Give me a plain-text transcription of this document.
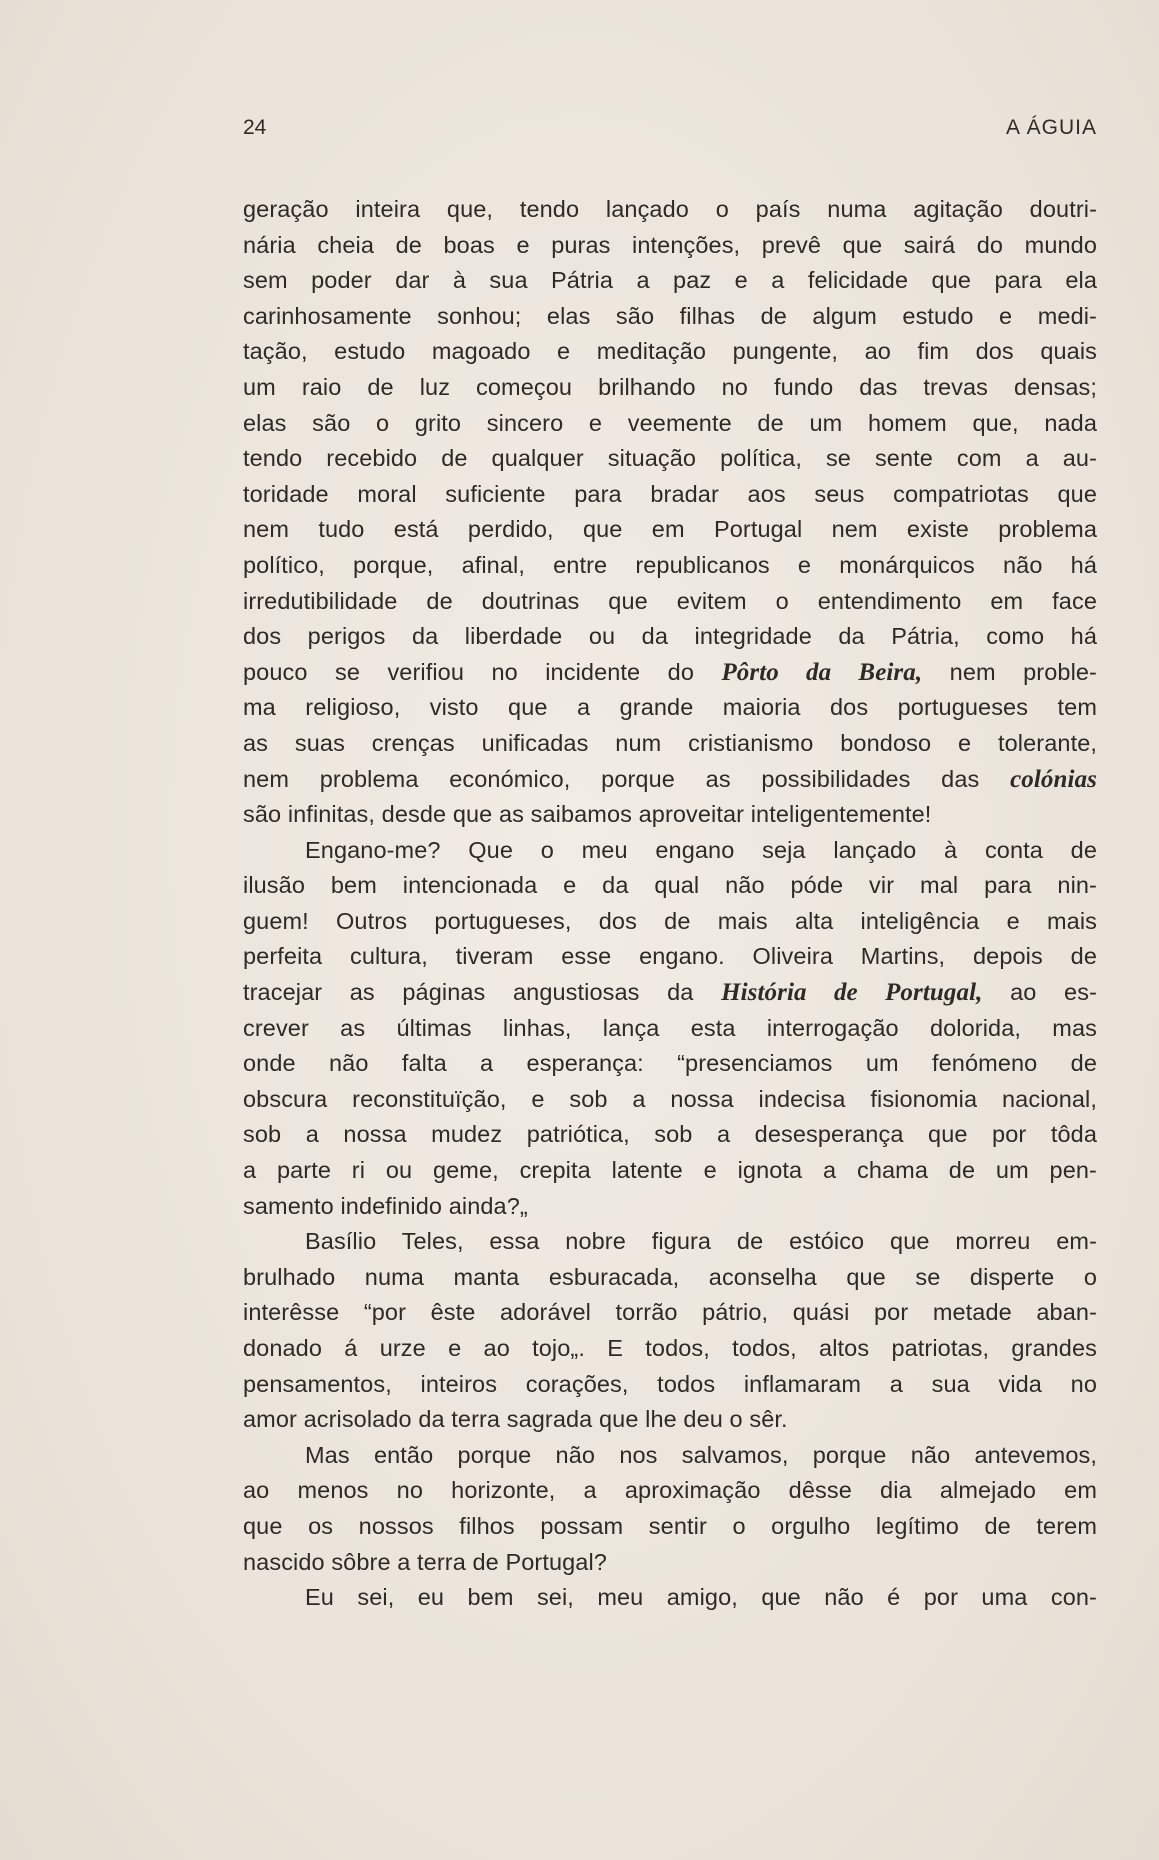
24	A ÁGUIA
geração inteira que, tendo lançado o país numa agitação doutri-
nária cheia de boas e puras intenções, prevê que sairá do mundo
sem poder dar à sua Pátria a paz e a felicidade que para ela
carinhosamente sonhou; elas são filhas de algum estudo e medi-
tação, estudo magoado e meditação pungente, ao fim dos quais
um raio de luz começou brilhando no fundo das trevas densas;
elas são o grito sincero e veemente de um homem que, nada
tendo recebido de qualquer situação política, se sente com a au-
toridade moral suficiente para bradar aos seus compatriotas que
nem tudo está perdido, que em Portugal nem existe problema
político, porque, afinal, entre republicanos e monárquicos não há
irredutibilidade de doutrinas que evitem o entendimento em face
dos perigos da liberdade ou da integridade da Pátria, como há
pouco se verifiou no incidente do Pôrto da Beira, nem proble-
ma religioso, visto que a grande maioria dos portugueses tem
as suas crenças unificadas num cristianismo bondoso e tolerante,
nem problema económico, porque as possibilidades das colónias
são infinitas, desde que as saibamos aproveitar inteligentemente!
Engano-me? Que o meu engano seja lançado à conta de
ilusão bem intencionada e da qual não póde vir mal para nin-
guem! Outros portugueses, dos de mais alta inteligência e mais
perfeita cultura, tiveram esse engano. Oliveira Martins, depois de
tracejar as páginas angustiosas da História de Portugal, ao es-
crever as últimas linhas, lança esta interrogação dolorida, mas
onde não falta a esperança: “presenciamos um fenómeno de
obscura reconstituïção, e sob a nossa indecisa fisionomia nacional,
sob a nossa mudez patriótica, sob a desesperança que por tôda
a parte ri ou geme, crepita latente e ignota a chama de um pen-
samento indefinido ainda?„
Basílio Teles, essa nobre figura de estóico que morreu em-
brulhado numa manta esburacada, aconselha que se disperte o
interêsse “por êste adorável torrão pátrio, quási por metade aban-
donado á urze e ao tojo„. E todos, todos, altos patriotas, grandes
pensamentos, inteiros corações, todos inflamaram a sua vida no
amor acrisolado da terra sagrada que lhe deu o sêr.
Mas então porque não nos salvamos, porque não antevemos,
ao menos no horizonte, a aproximação dêsse dia almejado em
que os nossos filhos possam sentir o orgulho legítimo de terem
nascido sôbre a terra de Portugal?
Eu sei, eu bem sei, meu amigo, que não é por uma con-
